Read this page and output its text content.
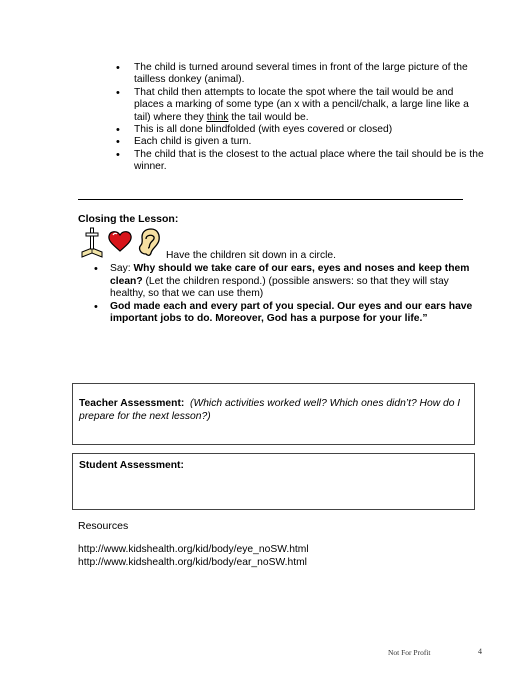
• The child is turned around several times in front of the large picture of the tailless donkey (animal).
• That child then attempts to locate the spot where the tail would be and places a marking of some type (an x with a pencil/chalk, a large line like a tail) where they think the tail would be.
• This is all done blindfolded (with eyes covered or closed)
• Each child is given a turn.
• The child that is the closest to the actual place where the tail should be is the winner.
Closing the Lesson:
Have the children sit down in a circle.
• Say: Why should we take care of our ears, eyes and noses and keep them clean? (Let the children respond.) (possible answers: so that they will stay healthy, so that we can use them)
• God made each and every part of you special. Our eyes and our ears have important jobs to do. Moreover, God has a purpose for your life.”
Teacher Assessment: (Which activities worked well? Which ones didn’t? How do I prepare for the next lesson?)
Student Assessment:
Resources
http://www.kidshealth.org/kid/body/eye_noSW.html
http://www.kidshealth.org/kid/body/ear_noSW.html
Not For Profit	4
